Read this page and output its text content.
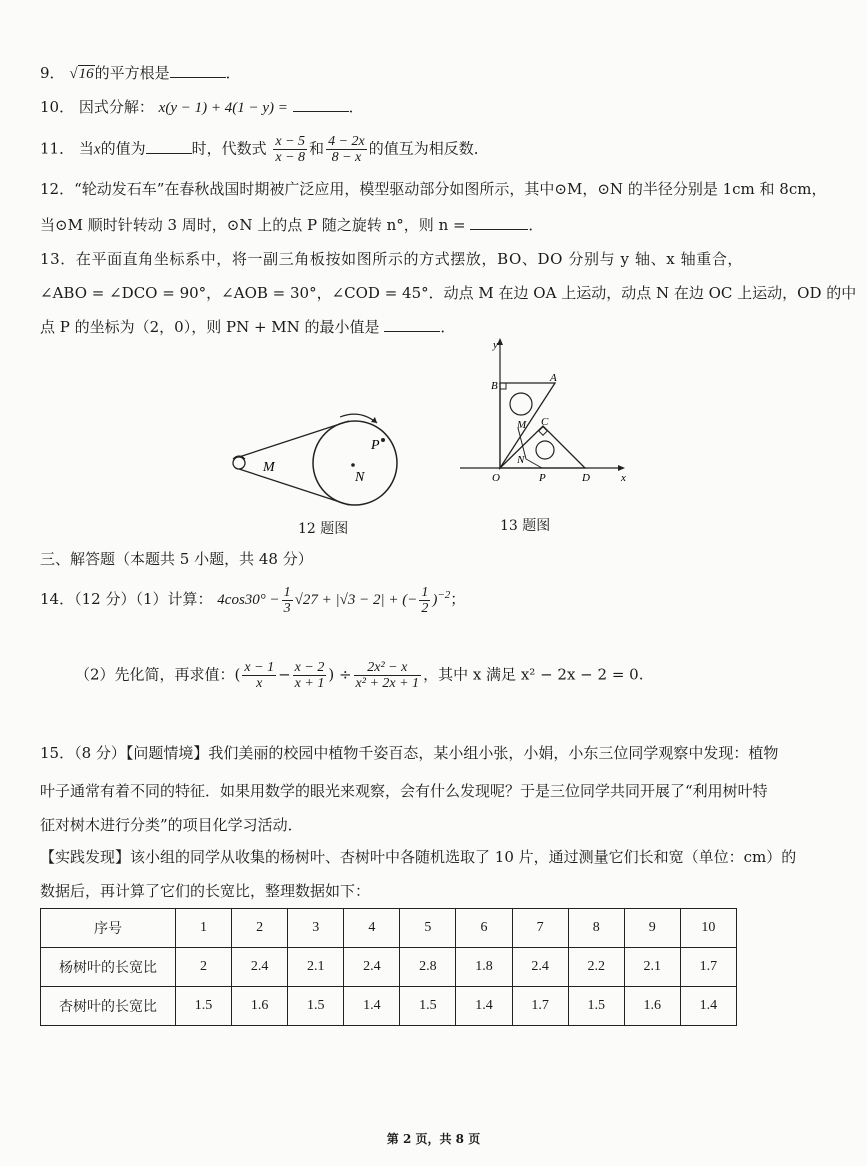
9． √16的平方根是	．
10． 因式分解： x(y − 1) + 4(1 − y) =	．
11． 当x的值为	时，代数式 $\frac{x - 5}{x - 8}$ 和 $\frac{4 - 2x}{8 - x}$ 的值互为相反数．
12．“轮动发石车”在春秋战国时期被广泛应用，模型驱动部分如图所示，其中⊙M，⊙N 的半径分别是 1cm 和 8cm，
当⊙M 顺时针转动 3 周时，⊙N 上的点 P 随之旋转 n°，则 n =	．
13．在平面直角坐标系中，将一副三角板按如图所示的方式摆放，BO、DO 分别与 y 轴、x 轴重合，
∠ABO = ∠DCO = 90°，∠AOB = 30°，∠COD = 45°．动点 M 在边 OA 上运动，动点 N 在边 OC 上运动，OD 的中
点 P 的坐标为（2，0），则 PN + MN 的最小值是	．
M
N
P
12 题图
y
x
O
B
A
M C
N
P	D
13 题图
三、解答题（本题共 5 小题，共 48 分）
14．（12 分）（1）计算： $4\cos 30^\circ - \frac{1}{3} √27 + |√3 - 2|$ + (− $\frac{1}{2} )^{-2}$；
（2）先化简，再求值：( $\frac{x - 1}{x} - \frac{x - 2}{x + 1}$ ) ÷ $\frac{\text{2x² − x}}{\text{x² + 2x + 1}}$ ，其中 x 满足 x² − 2x − 2 = 0.
15．（8 分）【问题情境】我们美丽的校园中植物千姿百态，某小组小张，小娟，小东三位同学观察中发现：植物
叶子通常有着不同的特征．如果用数学的眼光来观察，会有什么发现呢？于是三位同学共同开展了“利用树叶特
征对树木进行分类”的项目化学习活动．
【实践发现】该小组的同学从收集的杨树叶、杏树叶中各随机选取了 10 片，通过测量它们长和宽（单位：cm）的
数据后，再计算了它们的长宽比，整理数据如下：
序号	1	2	3	4	5	6	7	8	9	10
杨树叶的长宽比	2	2.4	2.1	2.4	2.8	1.8	2.4	2.2	2.1	1.7
杏树叶的长宽比	1.5	1.6	1.5	1.4	1.5	1.4	1.7	1.5	1.6	1.4
第 2 页，共 8 页
